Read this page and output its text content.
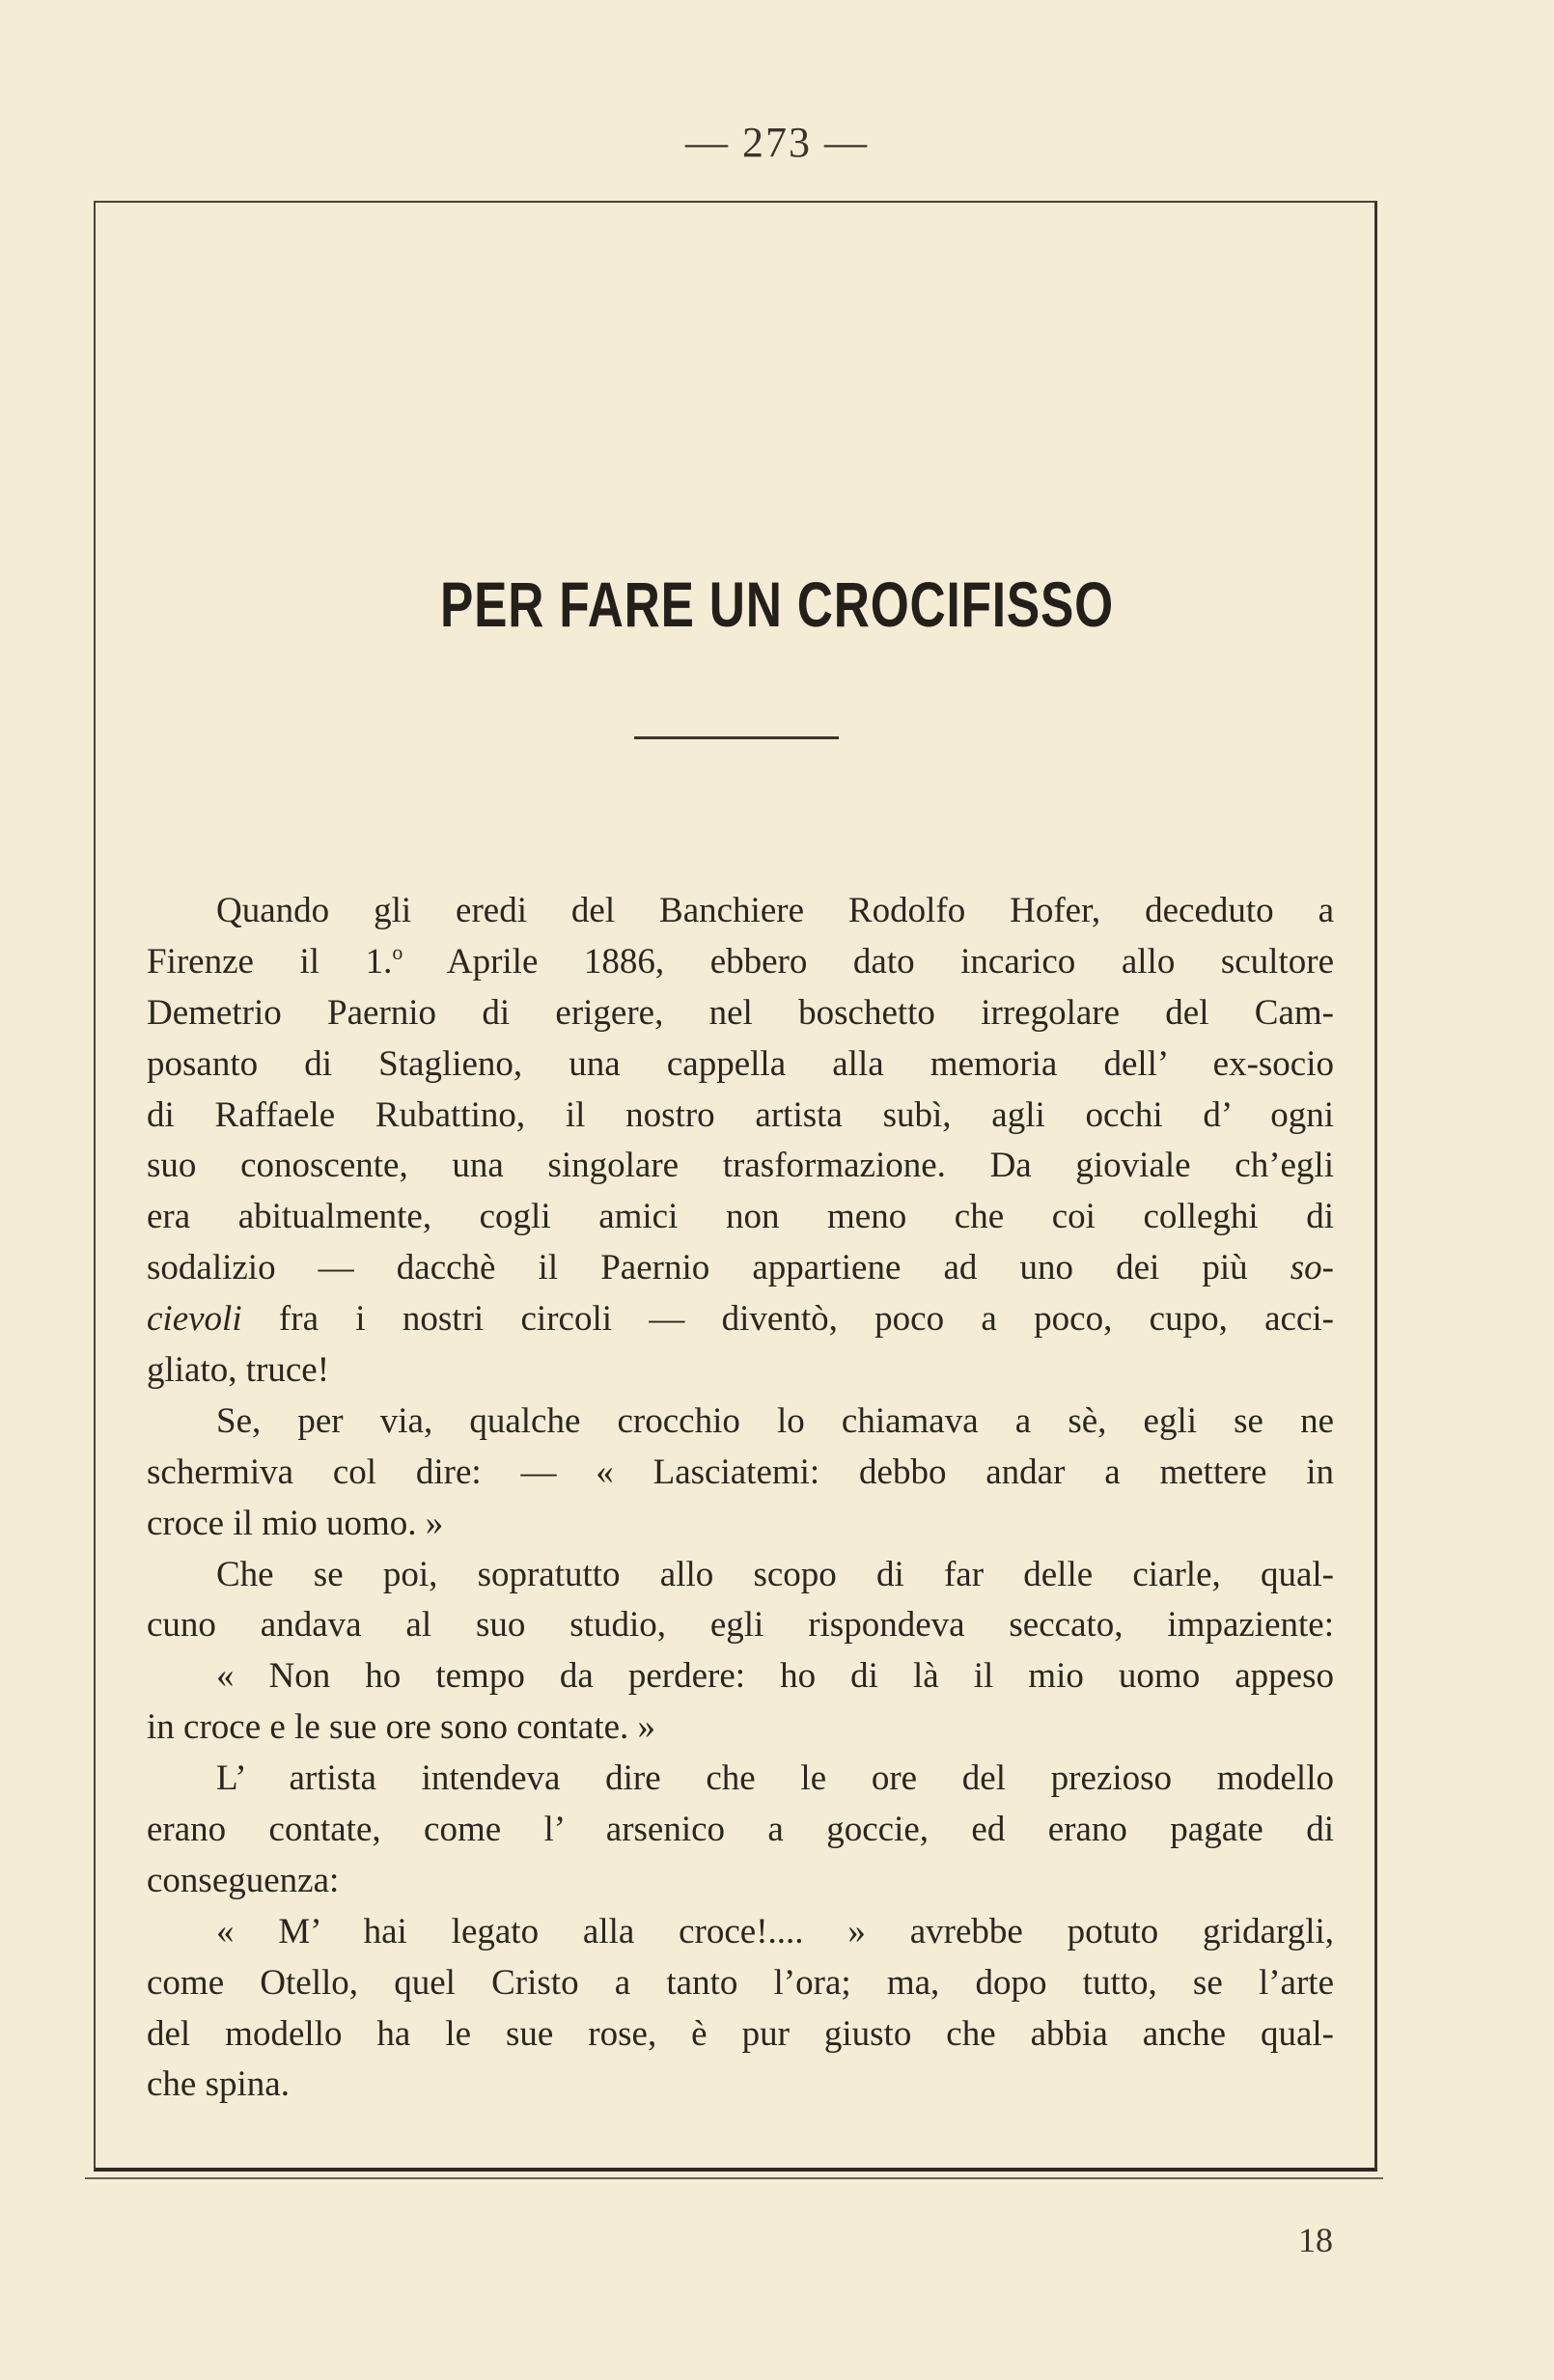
— 273 —
PER FARE UN CROCIFISSO
Quando gli eredi del Banchiere Rodolfo Hofer, deceduto a
Firenze il 1.$^o$ Aprile 1886, ebbero dato incarico allo scultore
Demetrio Paernio di erigere, nel boschetto irregolare del Cam-
posanto di Staglieno, una cappella alla memoria dell’ ex-socio
di Raffaele Rubattino, il nostro artista subì, agli occhi d’ ogni
suo conoscente, una singolare trasformazione. Da gioviale ch’egli
era abitualmente, cogli amici non meno che coi colleghi di
sodalizio — dacchè il Paernio appartiene ad uno dei più so-
cievoli fra i nostri circoli — diventò, poco a poco, cupo, acci-
gliato, truce!
Se, per via, qualche crocchio lo chiamava a sè, egli se ne
schermiva col dire: — « Lasciatemi: debbo andar a mettere in
croce il mio uomo. »
Che se poi, sopratutto allo scopo di far delle ciarle, qual-
cuno andava al suo studio, egli rispondeva seccato, impaziente:
« Non ho tempo da perdere: ho di là il mio uomo appeso
in croce e le sue ore sono contate. »
L’ artista intendeva dire che le ore del prezioso modello
erano contate, come l’ arsenico a goccie, ed erano pagate di
conseguenza:
« M’ hai legato alla croce!.... » avrebbe potuto gridargli,
come Otello, quel Cristo a tanto l’ora; ma, dopo tutto, se l’arte
del modello ha le sue rose, è pur giusto che abbia anche qual-
che spina.
18
